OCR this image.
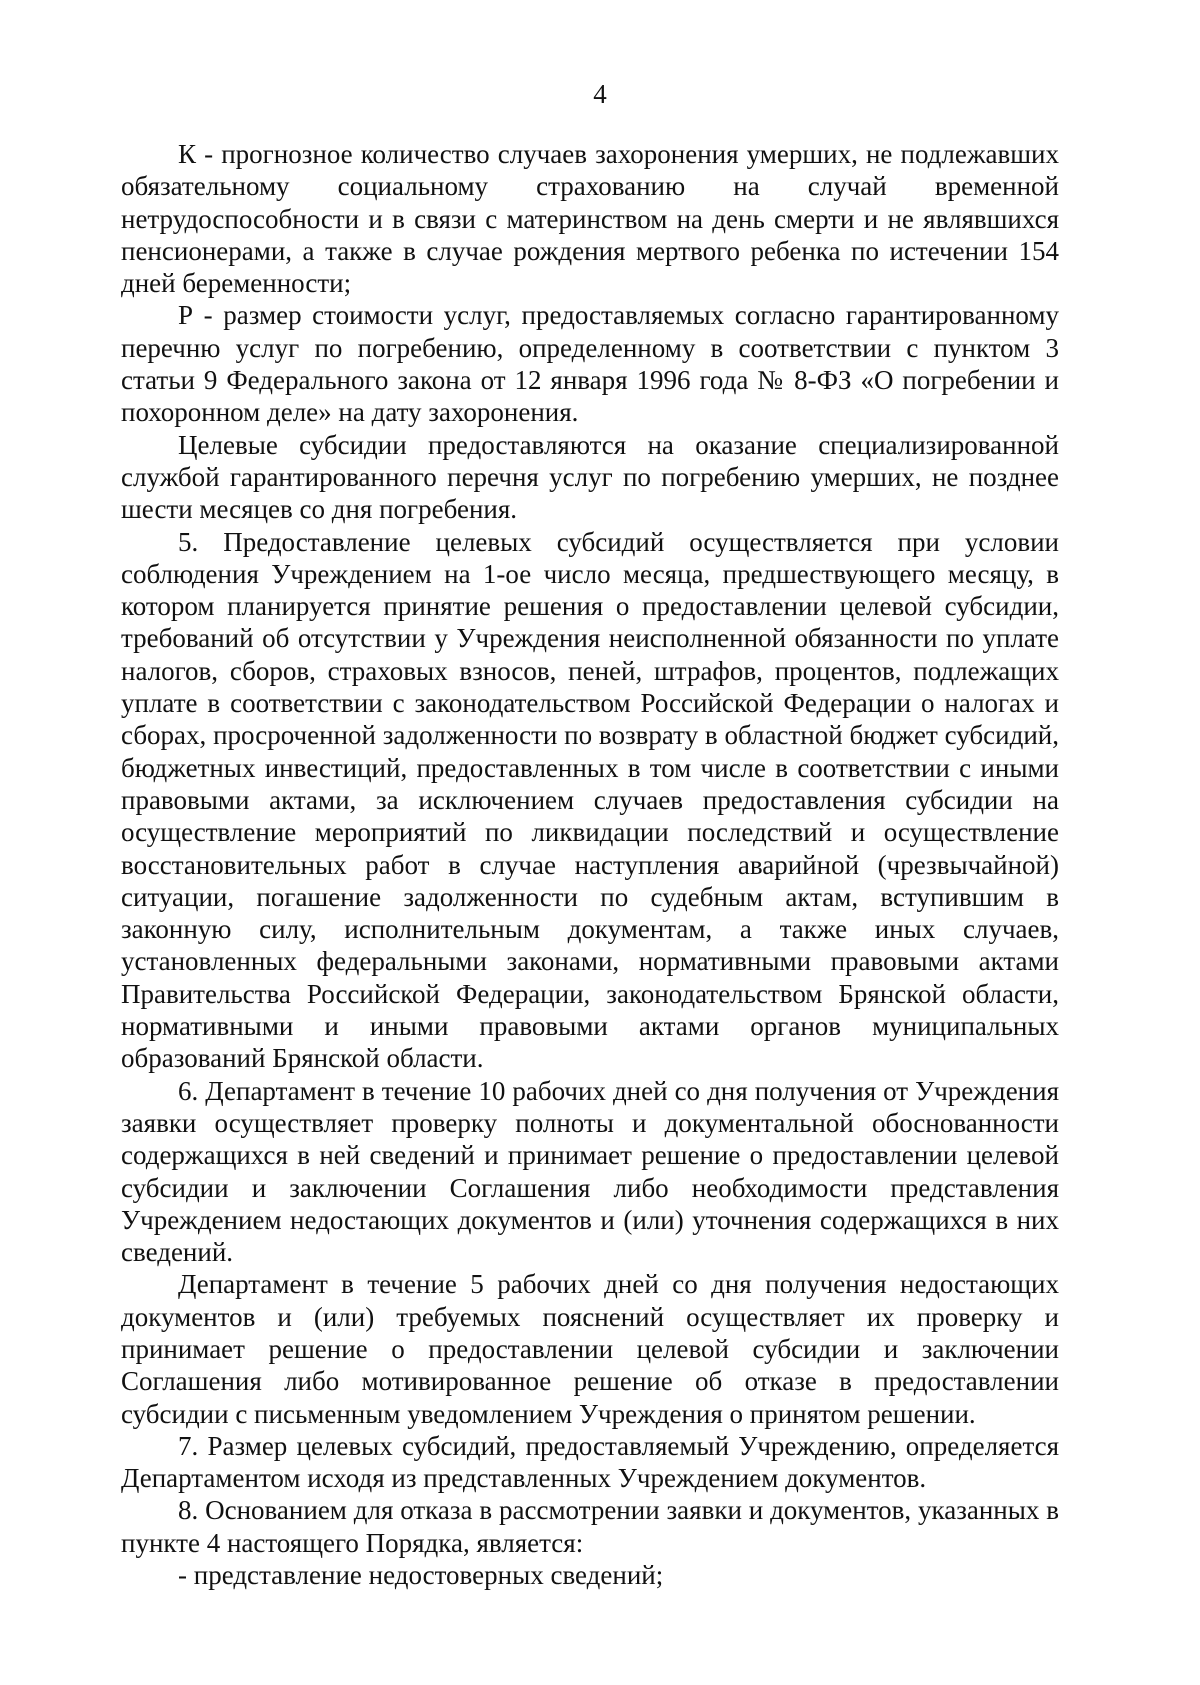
4

К - прогнозное количество случаев захоронения умерших, не подлежавших обязательному социальному страхованию на случай временной нетрудоспособности и в связи с материнством на день смерти и не являвшихся пенсионерами, а также в случае рождения мертвого ребенка по истечении 154 дней беременности;

Р - размер стоимости услуг, предоставляемых согласно гарантированному перечню услуг по погребению, определенному в соответствии с пунктом 3 статьи 9 Федерального закона от 12 января 1996 года № 8-ФЗ «О погребении и похоронном деле» на дату захоронения.

Целевые субсидии предоставляются на оказание специализированной службой гарантированного перечня услуг по погребению умерших, не позднее шести месяцев со дня погребения.

5. Предоставление целевых субсидий осуществляется при условии соблюдения Учреждением на 1-ое число месяца, предшествующего месяцу, в котором планируется принятие решения о предоставлении целевой субсидии, требований об отсутствии у Учреждения неисполненной обязанности по уплате налогов, сборов, страховых взносов, пеней, штрафов, процентов, подлежащих уплате в соответствии с законодательством Российской Федерации о налогах и сборах, просроченной задолженности по возврату в областной бюджет субсидий, бюджетных инвестиций, предоставленных в том числе в соответствии с иными правовыми актами, за исключением случаев предоставления субсидии на осуществление мероприятий по ликвидации последствий и осуществление восстановительных работ в случае наступления аварийной (чрезвычайной) ситуации, погашение задолженности по судебным актам, вступившим в законную силу, исполнительным документам, а также иных случаев, установленных федеральными законами, нормативными правовыми актами Правительства Российской Федерации, законодательством Брянской области, нормативными и иными правовыми актами органов муниципальных образований Брянской области.

6. Департамент в течение 10 рабочих дней со дня получения от Учреждения заявки осуществляет проверку полноты и документальной обоснованности содержащихся в ней сведений и принимает решение о предоставлении целевой субсидии и заключении Соглашения либо необходимости представления Учреждением недостающих документов и (или) уточнения содержащихся в них сведений.

Департамент в течение 5 рабочих дней со дня получения недостающих документов и (или) требуемых пояснений осуществляет их проверку и принимает решение о предоставлении целевой субсидии и заключении Соглашения либо мотивированное решение об отказе в предоставлении субсидии с письменным уведомлением Учреждения о принятом решении.

7. Размер целевых субсидий, предоставляемый Учреждению, определяется Департаментом исходя из представленных Учреждением документов.

8. Основанием для отказа в рассмотрении заявки и документов, указанных в пункте 4 настоящего Порядка, является:

- представление недостоверных сведений;
